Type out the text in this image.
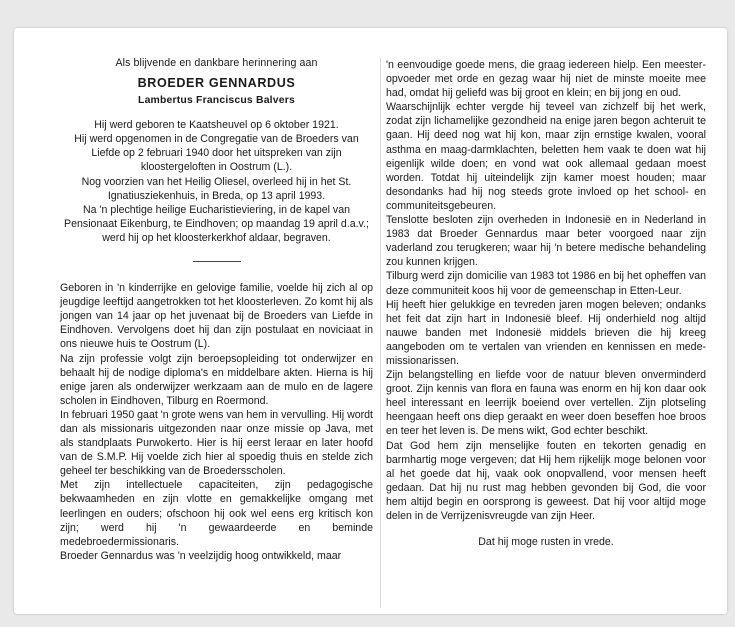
Als blijvende en dankbare herinnering aan
BROEDER GENNARDUS
Lambertus Franciscus Balvers

Hij werd geboren te Kaatsheuvel op 6 oktober 1921.

Hij werd opgenomen in de Congregatie van de Broeders van Liefde op 2 februari 1940 door het uitspreken van zijn kloostergeloften in Oostrum (L.).

Nog voorzien van het Heilig Oliesel, overleed hij in het St. Ignatiusziekenhuis, in Breda, op 13 april 1993.

Na 'n plechtige heilige Eucharistieviering, in de kapel van Pensionaat Eikenburg, te Eindhoven; op maandag 19 april d.a.v.; werd hij op het kloosterkerkhof aldaar, begraven.

Geboren in 'n kinderrijke en gelovige familie, voelde hij zich al op jeugdige leeftijd aangetrokken tot het kloosterleven. Zo komt hij als jongen van 14 jaar op het juvenaat bij de Broeders van Liefde in Eindhoven. Vervolgens doet hij dan zijn postulaat en noviciaat in ons nieuwe huis te Oostrum (L).

Na zijn professie volgt zijn beroepsopleiding tot onderwijzer en behaalt hij de nodige diploma's en middelbare akten. Hierna is hij enige jaren als onderwijzer werkzaam aan de mulo en de lagere scholen in Eindhoven, Tilburg en Roermond.

In februari 1950 gaat 'n grote wens van hem in vervulling. Hij wordt dan als missionaris uitgezonden naar onze missie op Java, met als standplaats Purwokerto. Hier is hij eerst leraar en later hoofd van de S.M.P. Hij voelde zich hier al spoedig thuis en stelde zich geheel ter beschikking van de Broedersscholen.

Met zijn intellectuele capaciteiten, zijn pedagogische bekwaamheden en zijn vlotte en gemakkelijke omgang met leerlingen en ouders; ofschoon hij ook wel eens erg kritisch kon zijn; werd hij 'n gewaardeerde en beminde medebroedermissionaris.

Broeder Gennardus was 'n veelzijdig hoog ontwikkeld, maar

'n eenvoudige goede mens, die graag iedereen hielp. Een meester-opvoeder met orde en gezag waar hij niet de minste moeite mee had, omdat hij geliefd was bij groot en klein; en bij jong en oud.

Waarschijnlijk echter vergde hij teveel van zichzelf bij het werk, zodat zijn lichamelijke gezondheid na enige jaren begon achteruit te gaan. Hij deed nog wat hij kon, maar zijn ernstige kwalen, vooral asthma en maag-darmklachten, beletten hem vaak te doen wat hij eigenlijk wilde doen; en vond wat ook allemaal gedaan moest worden. Totdat hij uiteindelijk zijn kamer moest houden; maar desondanks had hij nog steeds grote invloed op het school- en communiteitsgebeuren.

Tenslotte besloten zijn overheden in Indonesië en in Nederland in 1983 dat Broeder Gennardus maar beter voorgoed naar zijn vaderland zou terugkeren; waar hij 'n betere medische behandeling zou kunnen krijgen.

Tilburg werd zijn domicilie van 1983 tot 1986 en bij het opheffen van deze communiteit koos hij voor de gemeenschap in Etten-Leur.

Hij heeft hier gelukkige en tevreden jaren mogen beleven; ondanks het feit dat zijn hart in Indonesië bleef. Hij onderhield nog altijd nauwe banden met Indonesië middels brieven die hij kreeg aangeboden om te vertalen van vrienden en kennissen en mede-missionarissen.

Zijn belangstelling en liefde voor de natuur bleven onverminderd groot. Zijn kennis van flora en fauna was enorm en hij kon daar ook heel interessant en leerrijk boeiend over vertellen. Zijn plotseling heengaan heeft ons diep geraakt en weer doen beseffen hoe broos en teer het leven is. De mens wikt, God echter beschikt.

Dat God hem zijn menselijke fouten en tekorten genadig en barmhartig moge vergeven; dat Hij hem rijkelijk moge belonen voor al het goede dat hij, vaak ook onopvallend, voor mensen heeft gedaan. Dat hij nu rust mag hebben gevonden bij God, die voor hem altijd begin en oorsprong is geweest. Dat hij voor altijd moge delen in de Verrijzenisvreugde van zijn Heer.

Dat hij moge rusten in vrede.
